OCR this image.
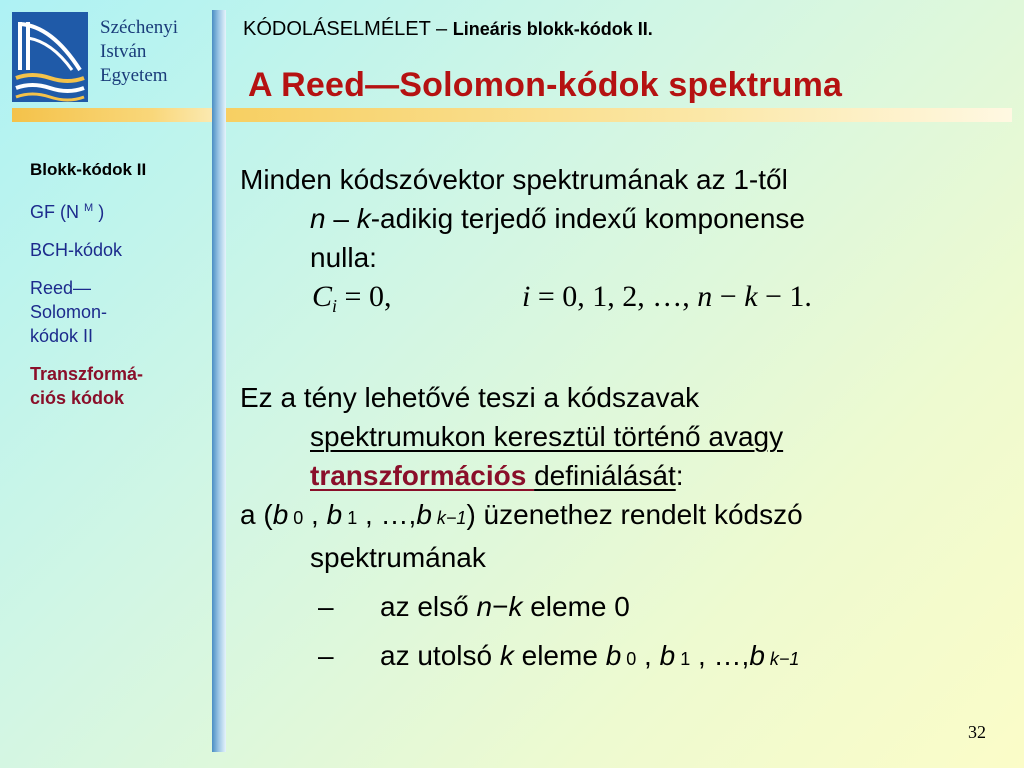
Széchenyi
István
Egyetem
KÓDOLÁSELMÉLET – Lineáris blokk-kódok II.
A Reed—Solomon-kódok spektruma
Blokk-kódok II
GF (N $^M$ )
BCH-kódok
Reed—
Solomon-
kódok II
Transzformá-
ciós kódok
Minden kódszóvektor spektrumának az 1-től
n – k-adikig terjedő indexű komponense
nulla:
$C_i = 0$,	i = 0, 1, 2, …, n − k − 1.
Ez a tény lehetővé teszi a kódszavak
spektrumukon keresztül történő avagy
transzformációs definiálását:
a (b 0 , b 1 , …,b k−1) üzenethez rendelt kódszó
spektrumának
–	az első n−k eleme 0
–	az utolsó k eleme b 0 , b 1 , …,b k−1
32
